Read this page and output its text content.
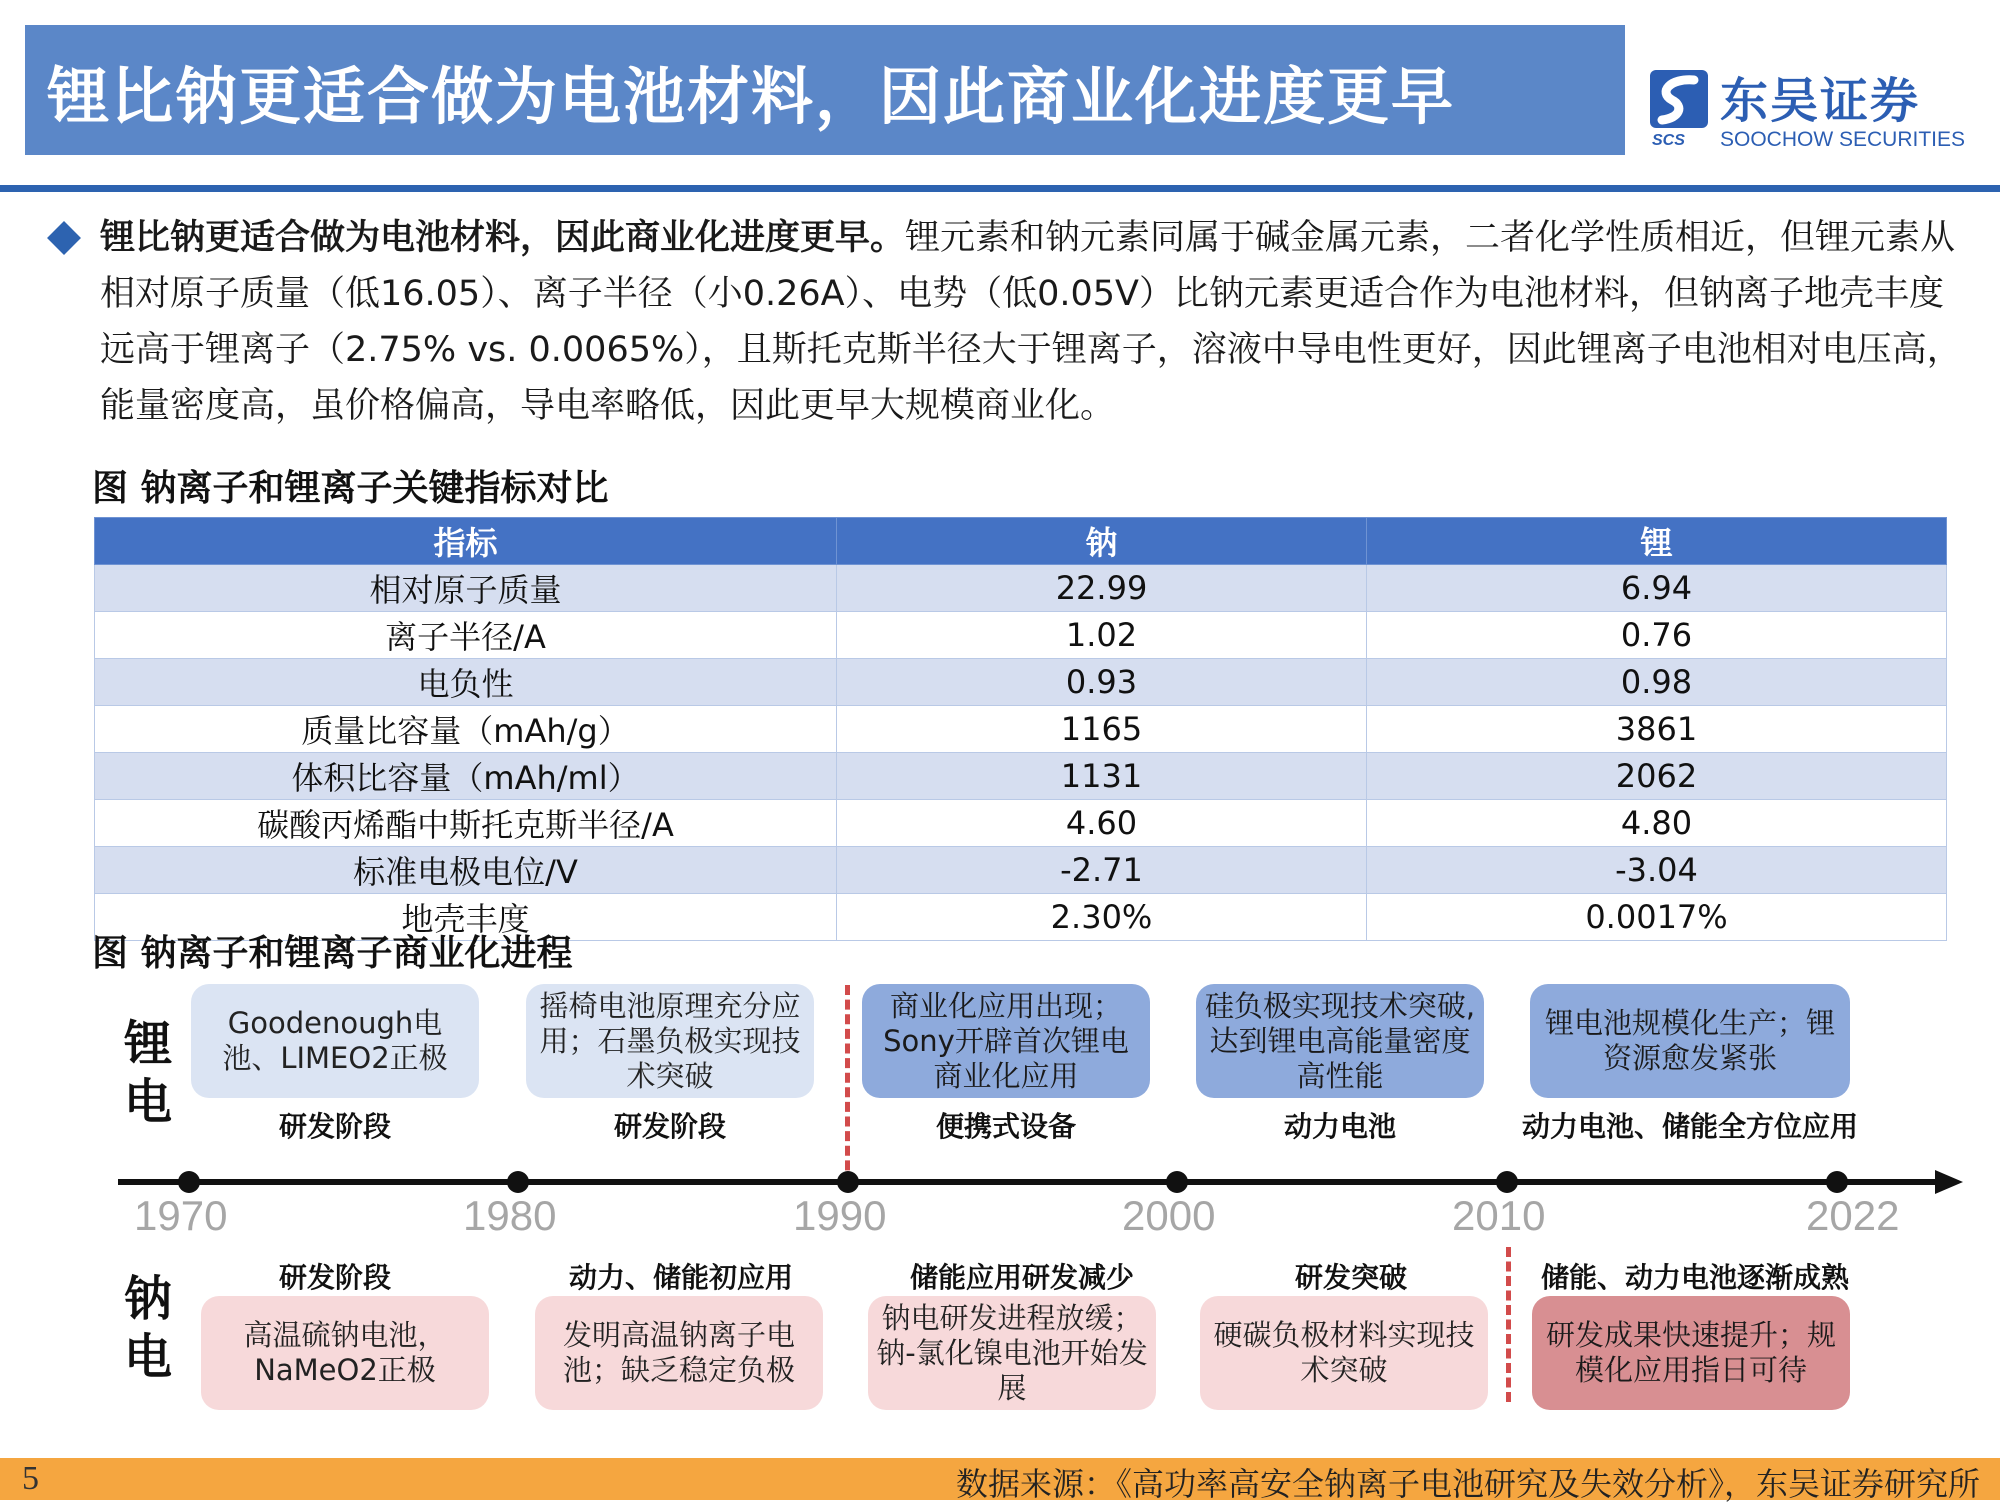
锂比钠更适合做为电池材料，因此商业化进度更早
SCS
东吴证券
SOOCHOW SECURITIES
锂比钠更适合做为电池材料，因此商业化进度更早。锂元素和钠元素同属于碱金属元素，二者化学性质相近，但锂元素从相对原子质量（低16.05）、离子半径（小0.26A）、电势（低0.05V）比钠元素更适合作为电池材料，但钠离子地壳丰度远高于锂离子（2.75% vs. 0.0065%），且斯托克斯半径大于锂离子，溶液中导电性更好，因此锂离子电池相对电压高，能量密度高，虽价格偏高，导电率略低，因此更早大规模商业化。
图 钠离子和锂离子关键指标对比
指标	钠	锂
相对原子质量	22.99	6.94
离子半径/A	1.02	0.76
电负性	0.93	0.98
质量比容量（mAh/g）	1165	3861
体积比容量（mAh/ml）	1131	2062
碳酸丙烯酯中斯托克斯半径/A	4.60	4.80
标准电极电位/V	-2.71	-3.04
地壳丰度	2.30%	0.0017%
图 钠离子和锂离子商业化进程
锂
电
钠
电
Goodenough电池、LIMEO2正极
摇椅电池原理充分应用；石墨负极实现技术突破
商业化应用出现；Sony开辟首次锂电商业化应用
硅负极实现技术突破,达到锂电高能量密度高性能
锂电池规模化生产；锂资源愈发紧张
研发阶段	研发阶段	便携式设备	动力电池	动力电池、储能全方位应用
1970	1980	1990	2000	2010	2022
研发阶段	动力、储能初应用	储能应用研发减少	研发突破	储能、动力电池逐渐成熟
高温硫钠电池，NaMeO2正极
发明高温钠离子电池；缺乏稳定负极
钠电研发进程放缓；钠-氯化镍电池开始发展
硬碳负极材料实现技术突破
研发成果快速提升；规模化应用指日可待
5	数据来源：《高功率高安全钠离子电池研究及失效分析》，东吴证券研究所
